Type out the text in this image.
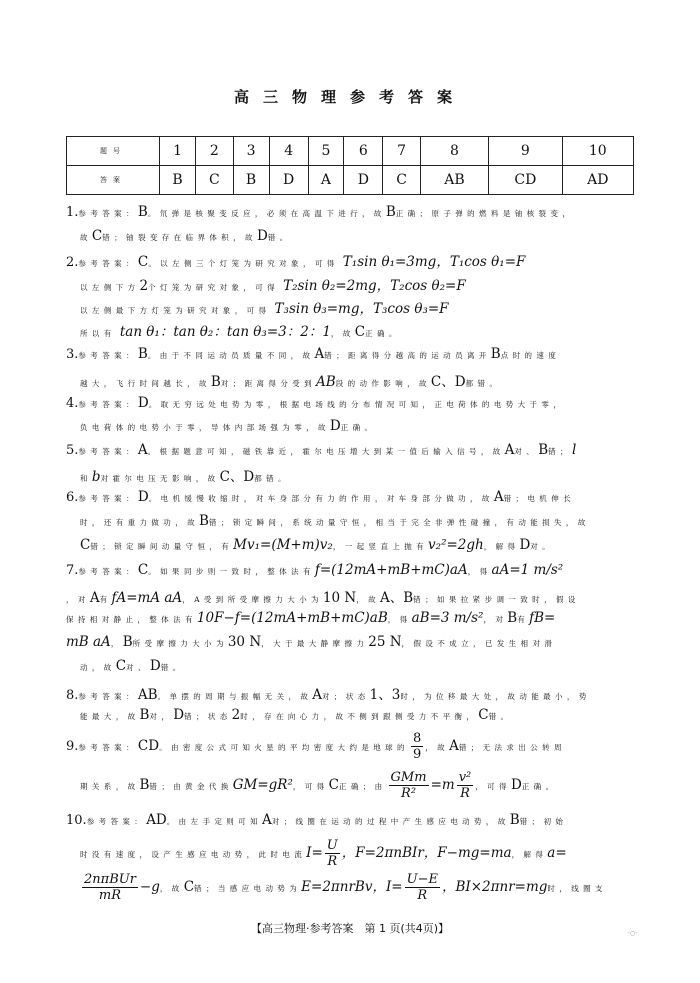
高三物理参考答案
题号	1	2	3	4	5	6	7	8	9	10
答案	B	C	B	D	A	D	C	AB	CD	AD
1.参考答案：B。氘弹是核聚变反应，必须在高温下进行，故B正确；原子弹的燃料是铀核裂变，
故C错；铀裂变存在临界体积，故D错。
2.参考答案：C。以左侧三个灯笼为研究对象，可得 T₁sin θ₁=3mg，T₁cos θ₁=F
以左侧下方2个灯笼为研究对象，可得 T₂sin θ₂=2mg，T₂cos θ₂=F
以左侧最下方灯笼为研究对象，可得 T₃sin θ₃=mg，T₃cos θ₃=F
所以有 tan θ₁：tan θ₂：tan θ₃=3：2：1，故C正确。
3.参考答案：B。由于不同运动员质量不同，故A错；距离得分越高的运动员离开B点时的速度
越大，飞行时间越长，故B对；距离得分受到AB段的动作影响，故C、D都错。
4.参考答案：D。取无穷远处电势为零，根据电场线的分布情况可知，正电荷体的电势大于零，
负电荷体的电势小于零，导体内部场强为零，故D正确。
5.参考答案：A。根据题意可知，磁铁靠近，霍尔电压增大到某一值后输入信号，故A对、B错；l
和b对霍尔电压无影响，故C、D都错。
6.参考答案：D。电机缓慢收缩时，对车身部分有力的作用，对车身部分做功，故A错；电机伸长
时，还有重力做功，故B错；锁定瞬间，系统动量守恒，相当于完全非弹性碰撞，有动能损失，故
C错；锁定瞬间动量守恒，有Mv₁=(M+m)v₂，一起竖直上抛有v₂²=2gh，解得D对。
7.参考答案：C。如果同步则一致时，整体法有f=(12mA+mB+mC)aA，得aA=1 m/s²
，对A有fA=mA aA，A受到所受摩擦力大小为10 N，故A、B错；如果拉紧步调一致时，假设
保持相对静止，整体法有10F−f=(12mA+mB+mC)aB，得aB=3 m/s²，对B有fB=
mB aA，B所受摩擦力大小为30 N，大于最大静摩擦力25 N，假设不成立，已发生相对滑
动，故C对、D错。
8.参考答案：AB。单摆的周期与振幅无关，故A对；状态1、3时，为位移最大处，故动能最小，势
能最大，故B对，D错；状态2时，存在向心力，故不侧到跟侧受力不平衡，C错。
9.参考答案：CD。由密度公式可知火星的平均密度大约是地球的 $\frac{8}{9}$ ，故A错；无法求出公转周
期关系，故B错；由黄金代换GM=gR²，可得C正确；由 $\frac{\text{GMm}}{\text{R²}} =m \frac{\text{v²}}{R}$ ，可得D正确。
10.参考答案：AD。由左手定则可知A对；线圈在运动的过程中产生感应电动势，故B错；初始
时没有速度，设产生感应电动势，此时电流$I= \frac{U}{R}$ ，F=2πnBIr，F−mg=ma，解得a=
$\frac{\text{2nπBUr}}{mR} -g$，故C错；当感应电动势为E=2πnrBv，$I= \frac{U-E}{R}$ ，BI×2πnr=mg时，线圈支
【高三物理·参考答案　第 1 页(共4页)】	·○·
